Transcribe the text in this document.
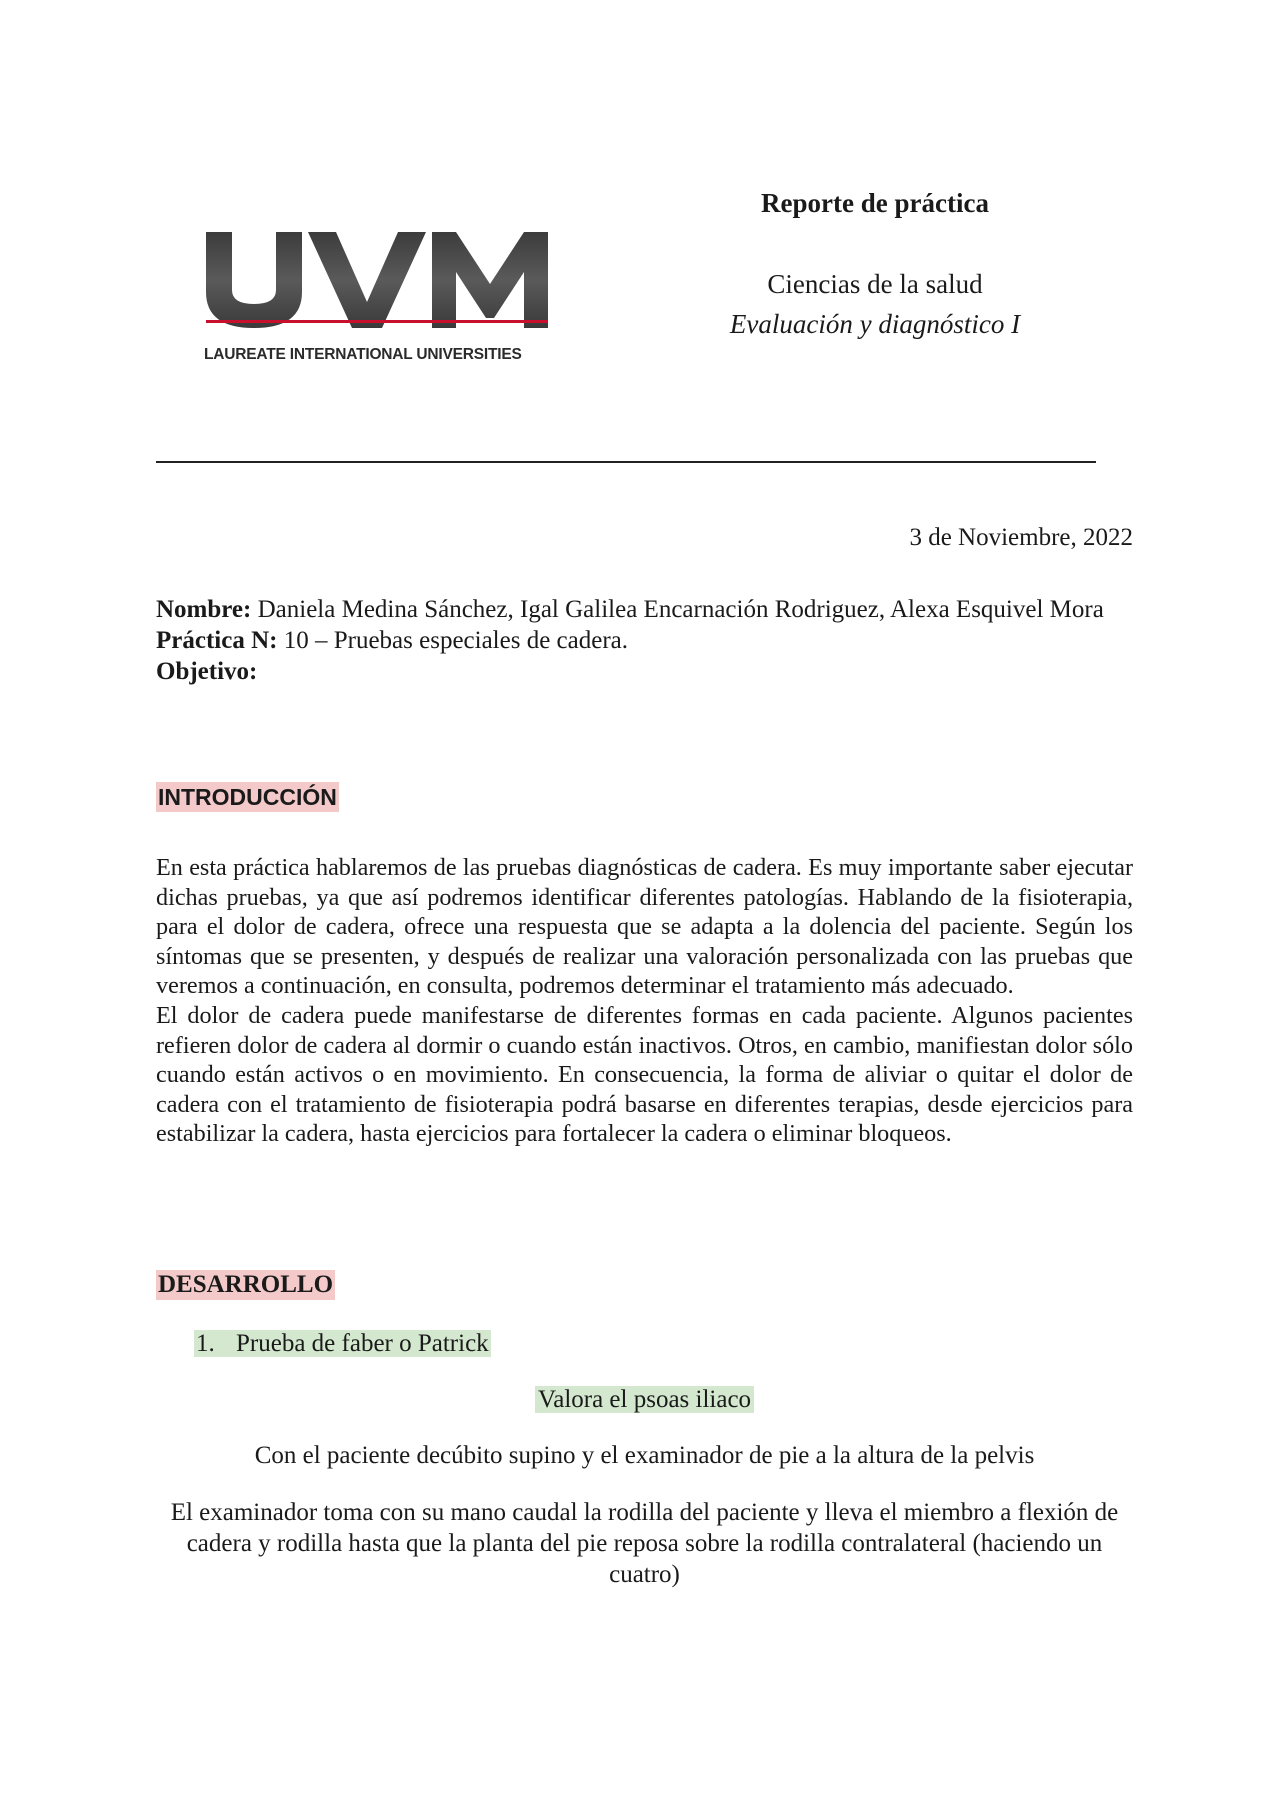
LAUREATE INTERNATIONAL UNIVERSITIES

Reporte de práctica

Ciencias de la salud

Evaluación y diagnóstico I

3 de Noviembre, 2022

Nombre: Daniela Medina Sánchez, Igal Galilea Encarnación Rodriguez, Alexa Esquivel Mora

Práctica N: 10 – Pruebas especiales de cadera.

Objetivo:

INTRODUCCIÓN

En esta práctica hablaremos de las pruebas diagnósticas de cadera. Es muy importante saber ejecutar dichas pruebas, ya que así podremos identificar diferentes patologías. Hablando de la fisioterapia, para el dolor de cadera, ofrece una respuesta que se adapta a la dolencia del paciente. Según los síntomas que se presenten, y después de realizar una valoración personalizada con las pruebas que veremos a continuación, en consulta, podremos determinar el tratamiento más adecuado.

El dolor de cadera puede manifestarse de diferentes formas en cada paciente. Algunos pacientes refieren dolor de cadera al dormir o cuando están inactivos. Otros, en cambio, manifiestan dolor sólo cuando están activos o en movimiento. En consecuencia, la forma de aliviar o quitar el dolor de cadera con el tratamiento de fisioterapia podrá basarse en diferentes terapias, desde ejercicios para estabilizar la cadera, hasta ejercicios para fortalecer la cadera o eliminar bloqueos.

DESARROLLO
1. Prueba de faber o Patrick
Valora el psoas iliaco
Con el paciente decúbito supino y el examinador de pie a la altura de la pelvis
El examinador toma con su mano caudal la rodilla del paciente y lleva el miembro a flexión de cadera y rodilla hasta que la planta del pie reposa sobre la rodilla contralateral (haciendo un cuatro)
